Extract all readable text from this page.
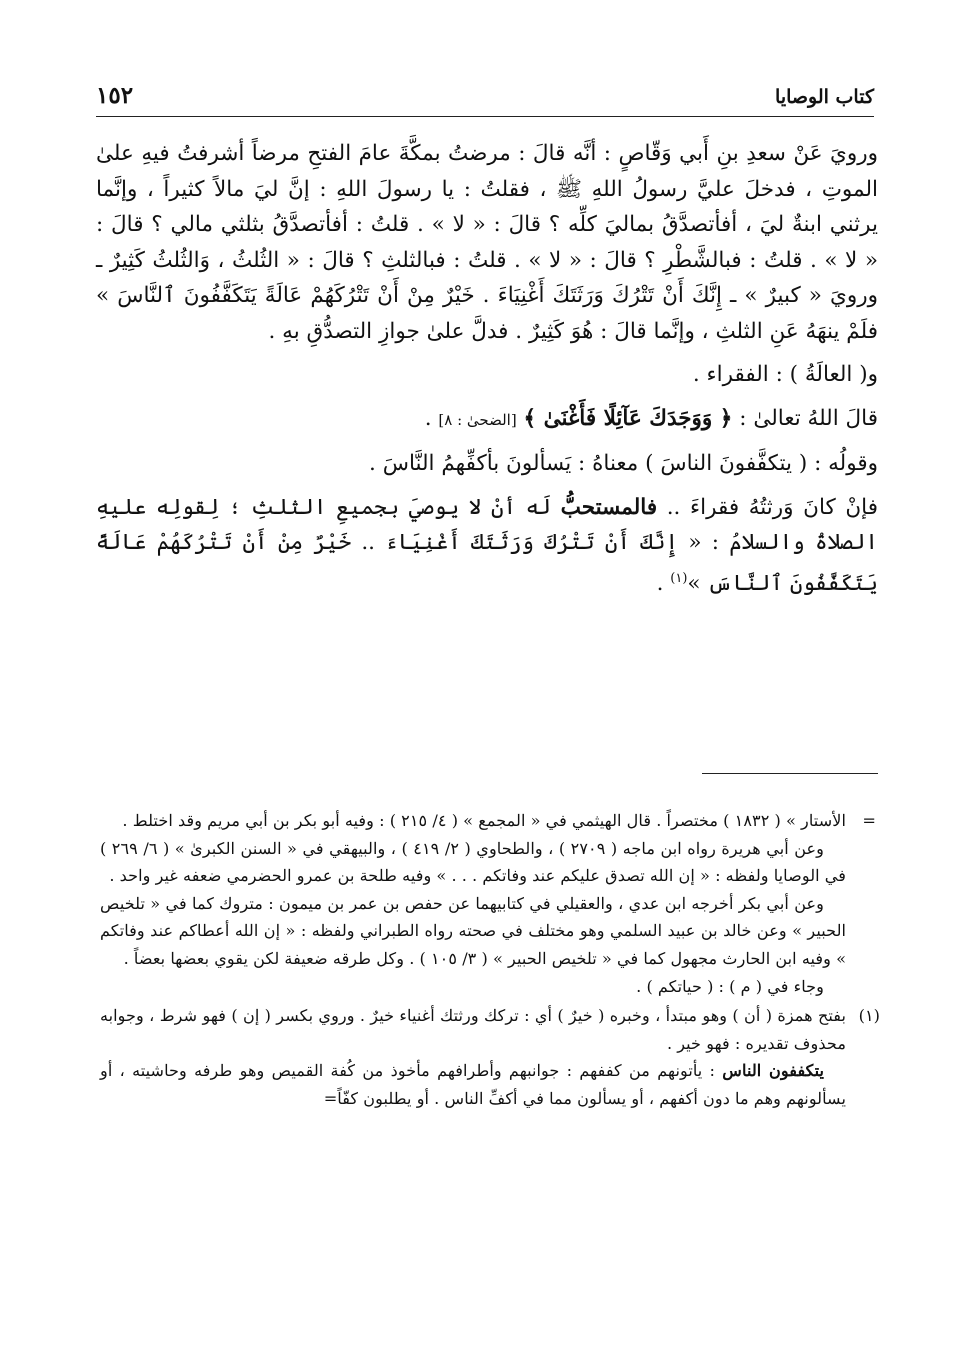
كتاب الوصايا
١٥٢

ورويَ عَنْ سعدِ بنِ أَبي وَقّاصٍ : أنَّه قالَ : مرضتُ بمكَّةَ عامَ الفتحِ مرضاً أشرفتُ فيهِ علىٰ الموتِ ، فدخلَ عليَّ رسولُ اللهِ ﷺ ، فقلتُ : يا رسولَ اللهِ : إنَّ ليَ مالاً كثيراً ، وإنَّما يرثني ابنةٌ ليَ ، أفأتصدَّقُ بماليَ كلِّه ؟ قالَ : « لا » . قلتُ : أفأتصدَّقُ بثلثي مالي ؟ قالَ : « لا » . قلتُ : فبالشَّطْرِ ؟ قالَ : « لا » . قلتُ : فبالثلثِ ؟ قالَ : « الثُلثُ ، وَالثُلثُ كَثِيرٌ ـ ورويَ « كبيرٌ » ـ إِنَّكَ أَنْ تَتْرُكَ وَرَثَتَكَ أَغْنِيَاءَ . خَيْرٌ مِنْ أَنْ تَتْرُكَهُمْ عَالَةً يَتَكَفَّفُونَ ٱلنَّاسَ » فلَمْ ينهَهُ عَنِ الثلثِ ، وإنَّما قالَ : هُوَ كَثِيرٌ . فدلَّ علىٰ جوازِ التصدُّقِ بهِ .

و( العالَةُ ) : الفقراء .

قالَ اللهُ تعالىٰ : ﴿ وَوَجَدَكَ عَآئِلًا فَأَغْنَىٰ ﴾ [الضحىٰ : ٨] .

وقولُه : ( يتكفَّفونَ الناسَ ) معناهُ : يَسألونَ بأكفِّهمُ النَّاسَ .

فإنْ كانَ وَرثتُهُ فقراءَ .. فالمستحبُّ لَه أنْ لا يوصيَ بجميعِ الثلثِ ؛ لِقولِه عليهِ الصلاةُ والسلامُ : « إِنَّكَ أَنْ تَتْرُكَ وَرَثَتَكَ أَغْنِيَاءَ .. خَيْرٌ مِنْ أَنْ تَتْرُكَهُمْ عَالَةً يَتَكَفَّفُونَ ٱلنَّاسَ »$^{(١)}$ .

=
الأستار » ( ١٨٣٢ ) مختصراً . قال الهيثمي في « المجمع » ( ٤/ ٢١٥ ) : وفيه أبو بكر بن أبي مريم وقد اختلط .

وعن أبي هريرة رواه ابن ماجه ( ٢٧٠٩ ) ، والطحاوي ( ٢/ ٤١٩ ) ، والبيهقي في « السنن الكبرىٰ » ( ٦/ ٢٦٩ ) في الوصايا ولفظه : « إن الله تصدق عليكم عند وفاتكم . . . » وفيه طلحة بن عمرو الحضرمي ضعفه غير واحد .

وعن أبي بكر أخرجه ابن عدي ، والعقيلي في كتابيهما عن حفص بن عمر بن ميمون : متروك كما في « تلخيص الحبير » وعن خالد بن عبيد السلمي وهو مختلف في صحته رواه الطبراني ولفظه : « إن الله أعطاكم عند وفاتكم » وفيه ابن الحارث مجهول كما في « تلخيص الحبير » ( ٣/ ١٠٥ ) . وكل طرقه ضعيفة لكن يقوي بعضها بعضاً .

وجاء في ( م ) : ( حياتكم ) .

(١)
بفتح همزة ( أن ) وهو مبتدأ ، وخبره ( خيرٌ ) أي : تركك ورثتك أغنياء خيرٌ . وروي بكسر ( إن ) فهو شرط ، وجوابه محذوف تقديره : فهو خير .

يتكففون الناس : يأتونهم من كففهم : جوانبهم وأطرافهم مأخوذ من كُفة القميص وهو طرفه وحاشيته ، أو يسألونهم وهم ما دون أكفهم ، أو يسألون مما في أكفِّ الناس . أو يطلبون كفّاً=
